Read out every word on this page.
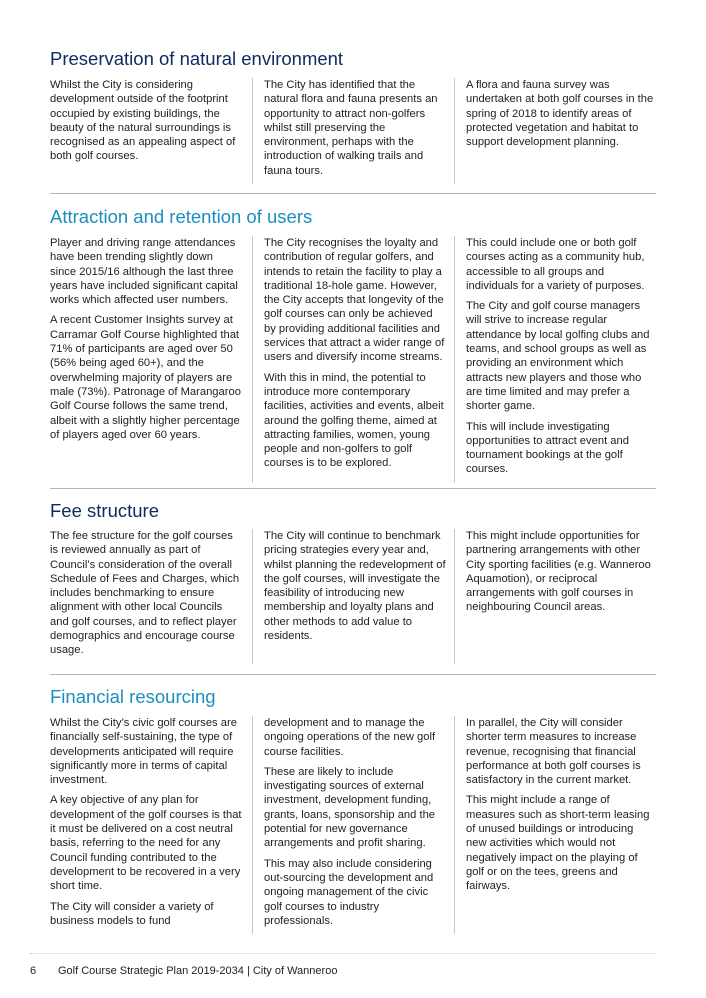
Preservation of natural environment

Whilst the City is considering development outside of the footprint occupied by existing buildings, the beauty of the natural surroundings is recognised as an appealing aspect of both golf courses.

The City has identified that the natural flora and fauna presents an opportunity to attract non-golfers whilst still preserving the environment, perhaps with the introduction of walking trails and fauna tours.

A flora and fauna survey was undertaken at both golf courses in the spring of 2018 to identify areas of protected vegetation and habitat to support development planning.

Attraction and retention of users

Player and driving range attendances have been trending slightly down since 2015/16 although the last three years have included significant capital works which affected user numbers.

A recent Customer Insights survey at Carramar Golf Course highlighted that 71% of participants are aged over 50 (56% being aged 60+), and the overwhelming majority of players are male (73%). Patronage of Marangaroo Golf Course follows the same trend, albeit with a slightly higher percentage of players aged over 60 years.

The City recognises the loyalty and contribution of regular golfers, and intends to retain the facility to play a traditional 18-hole game. However, the City accepts that longevity of the golf courses can only be achieved by providing additional facilities and services that attract a wider range of users and diversify income streams.

With this in mind, the potential to introduce more contemporary facilities, activities and events, albeit around the golfing theme, aimed at attracting families, women, young people and non-golfers to golf courses is to be explored.

This could include one or both golf courses acting as a community hub, accessible to all groups and individuals for a variety of purposes.

The City and golf course managers will strive to increase regular attendance by local golfing clubs and teams, and school groups as well as providing an environment which attracts new players and those who are time limited and may prefer a shorter game.

This will include investigating opportunities to attract event and tournament bookings at the golf courses.

Fee structure

The fee structure for the golf courses is reviewed annually as part of Council’s consideration of the overall Schedule of Fees and Charges, which includes benchmarking to ensure alignment with other local Councils and golf courses, and to reflect player demographics and encourage course usage.

The City will continue to benchmark pricing strategies every year and, whilst planning the redevelopment of the golf courses, will investigate the feasibility of introducing new membership and loyalty plans and other methods to add value to residents.

This might include opportunities for partnering arrangements with other City sporting facilities (e.g. Wanneroo Aquamotion), or reciprocal arrangements with golf courses in neighbouring Council areas.

Financial resourcing

Whilst the City’s civic golf courses are financially self-sustaining, the type of developments anticipated will require significantly more in terms of capital investment.

A key objective of any plan for development of the golf courses is that it must be delivered on a cost neutral basis, referring to the need for any Council funding contributed to the development to be recovered in a very short time.

The City will consider a variety of business models to fund

development and to manage the ongoing operations of the new golf course facilities.

These are likely to include investigating sources of external investment, development funding, grants, loans, sponsorship and the potential for new governance arrangements and profit sharing.

This may also include considering out-sourcing the development and ongoing management of the civic golf courses to industry professionals.

In parallel, the City will consider shorter term measures to increase revenue, recognising that financial performance at both golf courses is satisfactory in the current market.

This might include a range of measures such as short-term leasing of unused buildings or introducing new activities which would not negatively impact on the playing of golf or on the tees, greens and fairways.

6 Golf Course Strategic Plan 2019-2034 | City of Wanneroo
